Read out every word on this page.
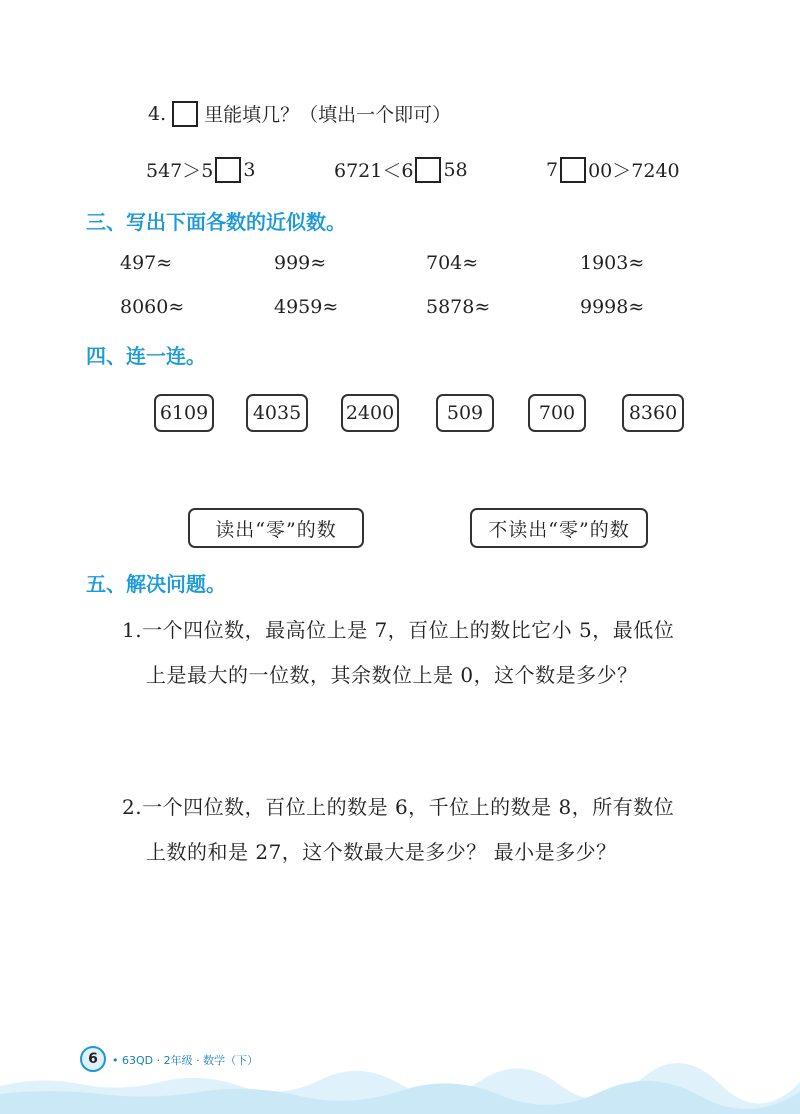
4. 里能填几？（填出一个即可）
547＞5 3	6721＜6 58	7 00＞7240
三、写出下面各数的近似数。
497≈	999≈	704≈	1903≈
8060≈	4959≈	5878≈	9998≈
四、连一连。
6109	4035	2400	509	700	8360
读出“零”的数	不读出“零”的数
五、解决问题。
1.一个四位数，最高位上是 7，百位上的数比它小 5，最低位
上是最大的一位数，其余数位上是 0，这个数是多少？
2.一个四位数，百位上的数是 6，千位上的数是 8，所有数位
上数的和是 27，这个数最大是多少？ 最小是多少？
6	• 63QD · 2年级 · 数学（下）
